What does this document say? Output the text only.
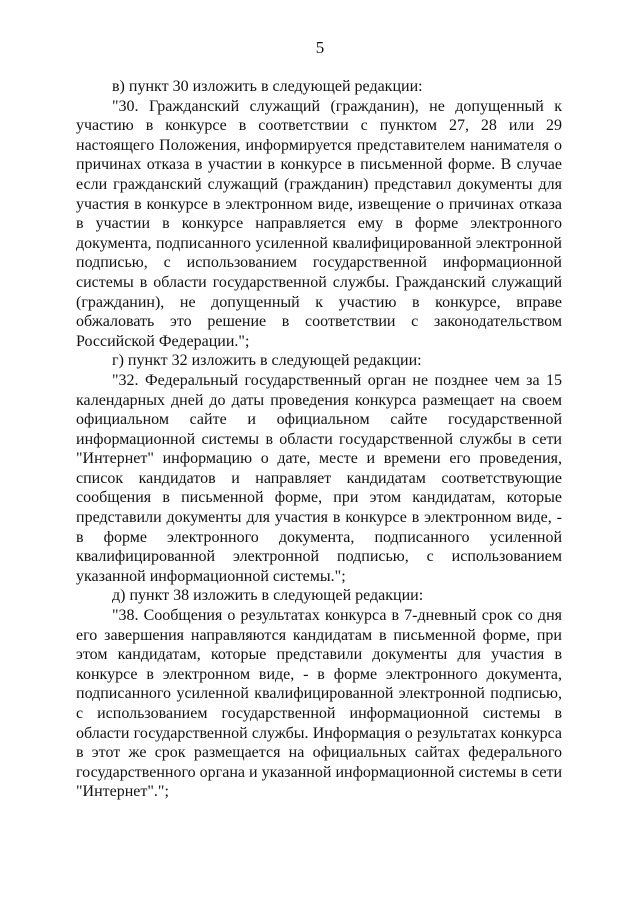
5

в) пункт 30 изложить в следующей редакции:

"30. Гражданский служащий (гражданин), не допущенный к участию в конкурсе в соответствии с пунктом 27, 28 или 29 настоящего Положения, информируется представителем нанимателя о причинах отказа в участии в конкурсе в письменной форме. В случае если гражданский служащий (гражданин) представил документы для участия в конкурсе в электронном виде, извещение о причинах отказа в участии в конкурсе направляется ему в форме электронного документа, подписанного усиленной квалифицированной электронной подписью, с использованием государственной информационной системы в области государственной службы. Гражданский служащий (гражданин), не допущенный к участию в конкурсе, вправе обжаловать это решение в соответствии с законодательством Российской Федерации.";

г) пункт 32 изложить в следующей редакции:

"32. Федеральный государственный орган не позднее чем за 15 календарных дней до даты проведения конкурса размещает на своем официальном сайте и официальном сайте государственной информационной системы в области государственной службы в сети "Интернет" информацию о дате, месте и времени его проведения, список кандидатов и направляет кандидатам соответствующие сообщения в письменной форме, при этом кандидатам, которые представили документы для участия в конкурсе в электронном виде, - в форме электронного документа, подписанного усиленной квалифицированной электронной подписью, с использованием указанной информационной системы.";

д) пункт 38 изложить в следующей редакции:

"38. Сообщения о результатах конкурса в 7-дневный срок со дня его завершения направляются кандидатам в письменной форме, при этом кандидатам, которые представили документы для участия в конкурсе в электронном виде, - в форме электронного документа, подписанного усиленной квалифицированной электронной подписью, с использованием государственной информационной системы в области государственной службы. Информация о результатах конкурса в этот же срок размещается на официальных сайтах федерального государственного органа и указанной информационной системы в сети "Интернет".";
